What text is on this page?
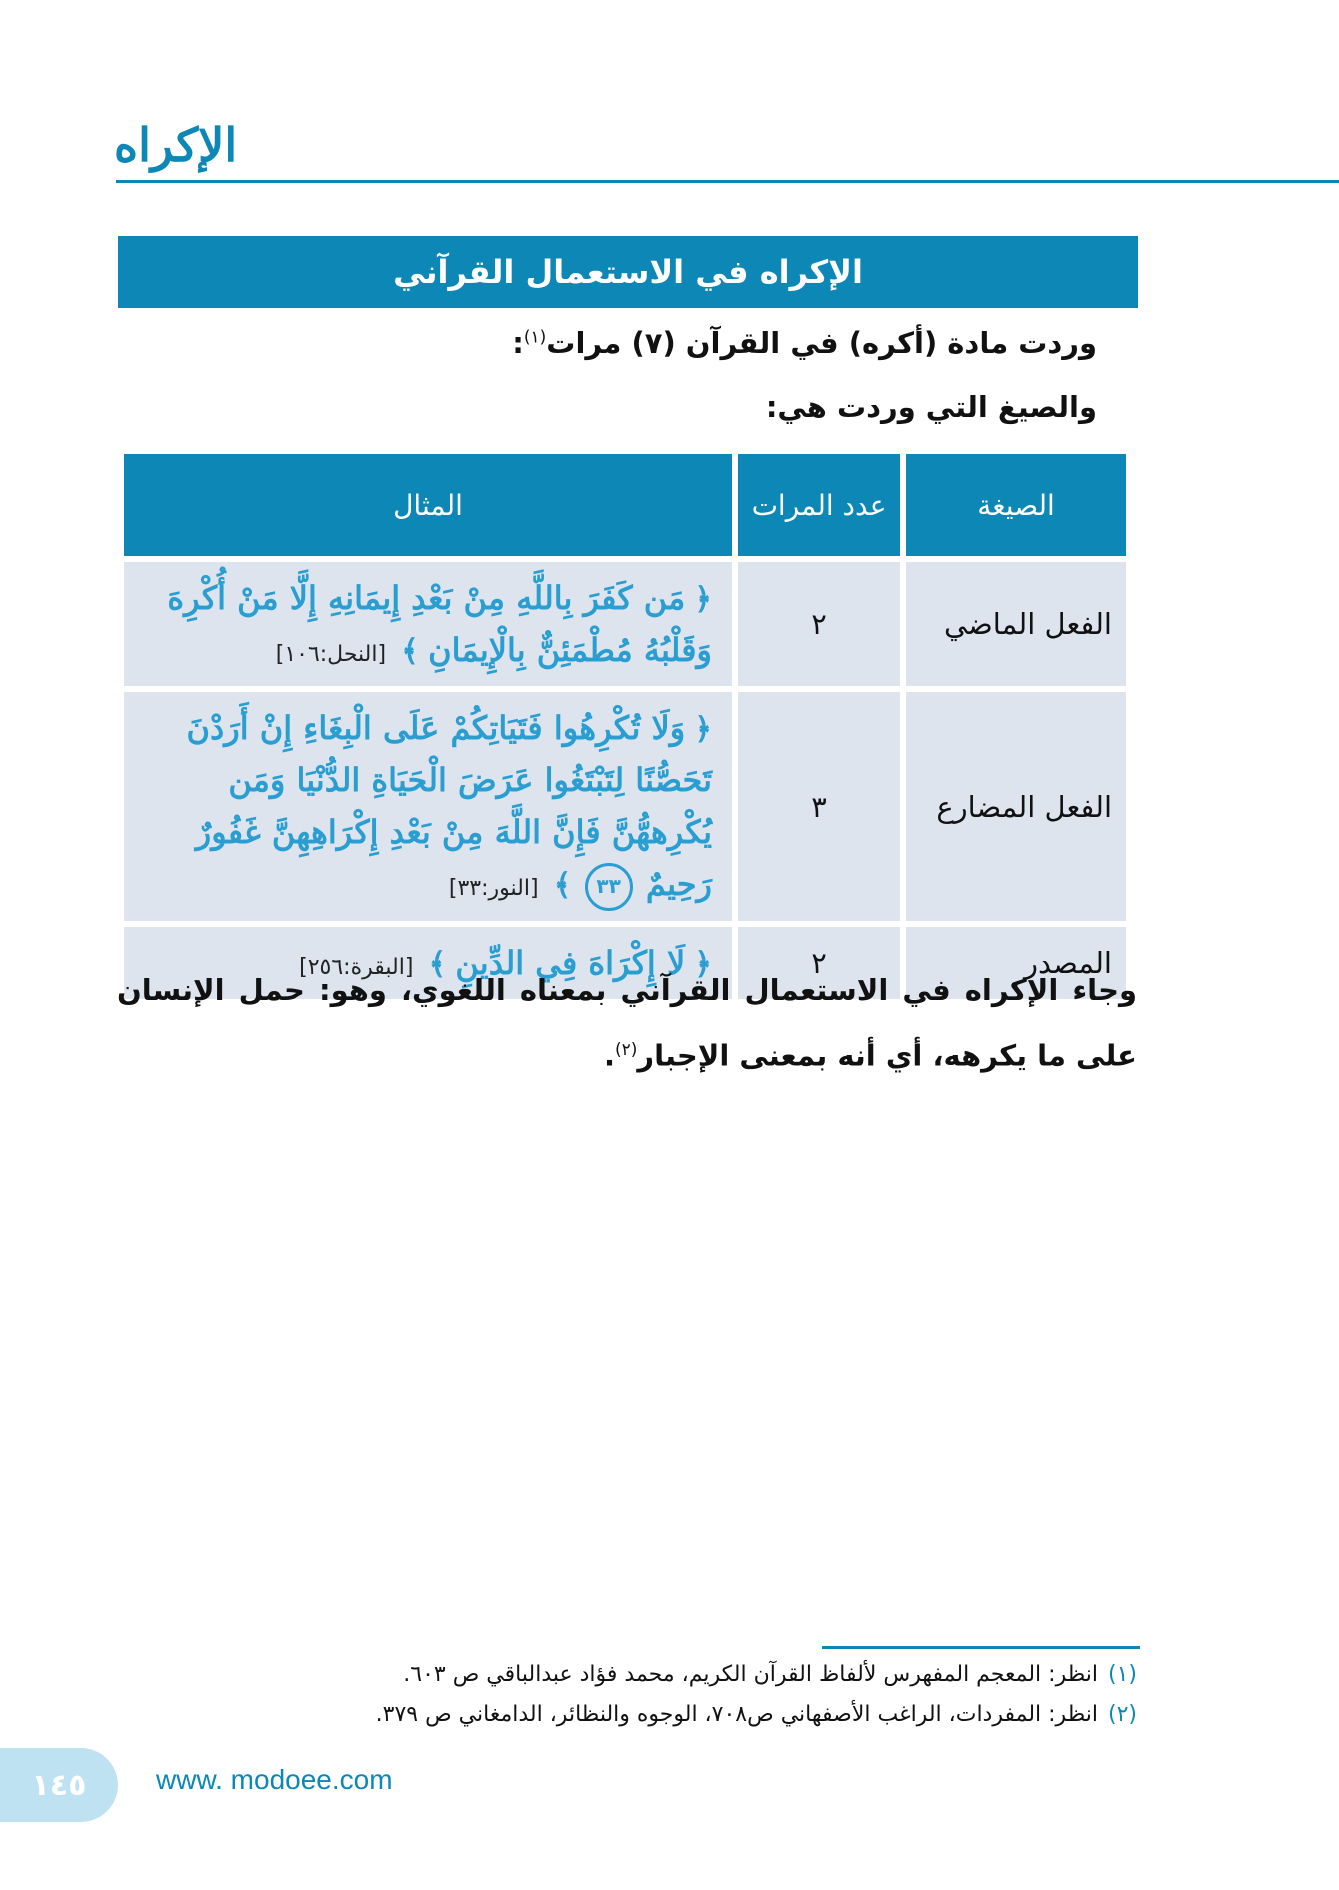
الإكراه
الإكراه في الاستعمال القرآني
وردت مادة (أكره) في القرآن (٧) مرات$^{(١)}$:
والصيغ التي وردت هي:
الصيغة	عدد المرات	المثال
الفعل الماضي	٢	﴿ مَن كَفَرَ بِاللَّهِ مِنْ بَعْدِ إِيمَانِهِ إِلَّا مَنْ أُكْرِهَ وَقَلْبُهُ مُطْمَئِنٌّ بِالْإِيمَانِ ﴾ [النحل:١٠٦]
الفعل المضارع	٣	﴿ وَلَا تُكْرِهُوا فَتَيَاتِكُمْ عَلَى الْبِغَاءِ إِنْ أَرَدْنَ تَحَصُّنًا لِتَبْتَغُوا عَرَضَ الْحَيَاةِ الدُّنْيَا وَمَن يُكْرِههُّنَّ فَإِنَّ اللَّهَ مِنْ بَعْدِ إِكْرَاهِهِنَّ غَفُورٌ رَحِيمٌ ٣٣ ﴾ [النور:٣٣]
المصدر	٢	﴿ لَا إِكْرَاهَ فِي الدِّينِ ﴾ [البقرة:٢٥٦]
وجاء الإكراه في الاستعمال القرآني بمعناه اللغوي، وهو: حمل الإنسان على ما يكرهه، أي أنه بمعنى الإجبار$^{(٢)}$.
(١)انظر: المعجم المفهرس لألفاظ القرآن الكريم، محمد فؤاد عبدالباقي ص ٦٠٣.
(٢)انظر: المفردات، الراغب الأصفهاني ص٧٠٨، الوجوه والنظائر، الدامغاني ص ٣٧٩.
١٤٥	www. modoee.com
